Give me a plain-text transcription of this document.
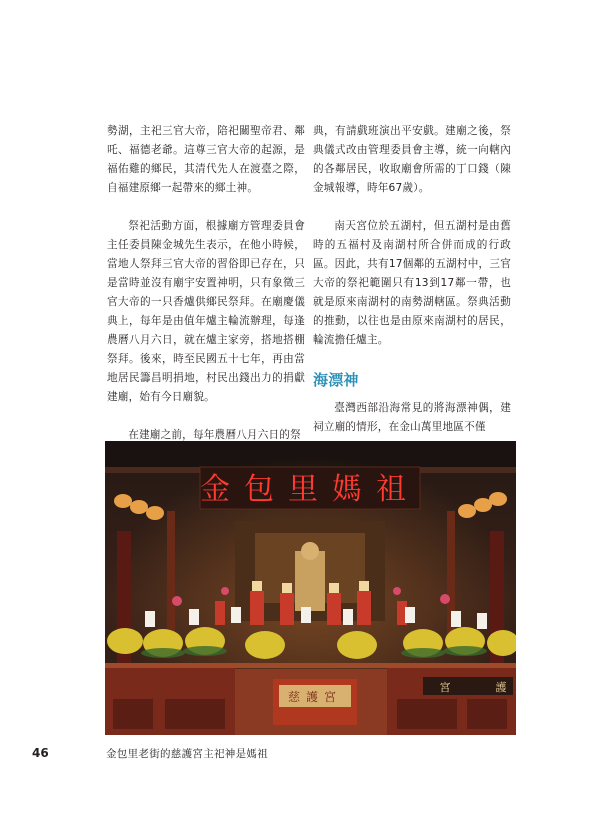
勢湖，主祀三官大帝，陪祀關聖帝君、鄰吒、福德老爺。這尊三官大帝的起源，是福佑雞的鄉民，其清代先人在渡臺之際，自福建原鄉一起帶來的鄉土神。

祭祀活動方面，根據廟方管理委員會主任委員陳金城先生表示，在他小時候，當地人祭拜三官大帝的習俗即已存在，只是當時並沒有廟宇安置神明，只有象徵三官大帝的一只香爐供鄉民祭拜。在廟慶儀典上，每年是由值年爐主輪流辦理，每逢農曆八月六日，就在爐主家旁，搭地搭棚祭拜。後來，時至民國五十七年，再由當地居民籌昌明捐地，村民出錢出力的捐獻建廟，始有今日廟貌。

在建廟之前，每年農曆八月六日的祭

典，有請戲班演出平安戲。建廟之後，祭典儀式改由管理委員會主導，統一向轄內的各鄰居民，收取廟會所需的丁口錢（陳金城報導，時年67歲）。

南天宮位於五湖村，但五湖村是由舊時的五福村及南湖村所合併而成的行政區。因此，共有17個鄰的五湖村中，三官大帝的祭祀範圍只有13到17鄰一帶，也就是原來南湖村的南勢湖轄區。祭典活動的推動，以往也是由原來南湖村的居民，輪流擔任爐主。

海漂神

臺灣西部沿海常見的將海漂神偶，建祠立廟的情形，在金山萬里地區不僅

金包里媽祖
慈護宮
宮	護
46	金包里老街的慈護宮主祀神是媽祖
